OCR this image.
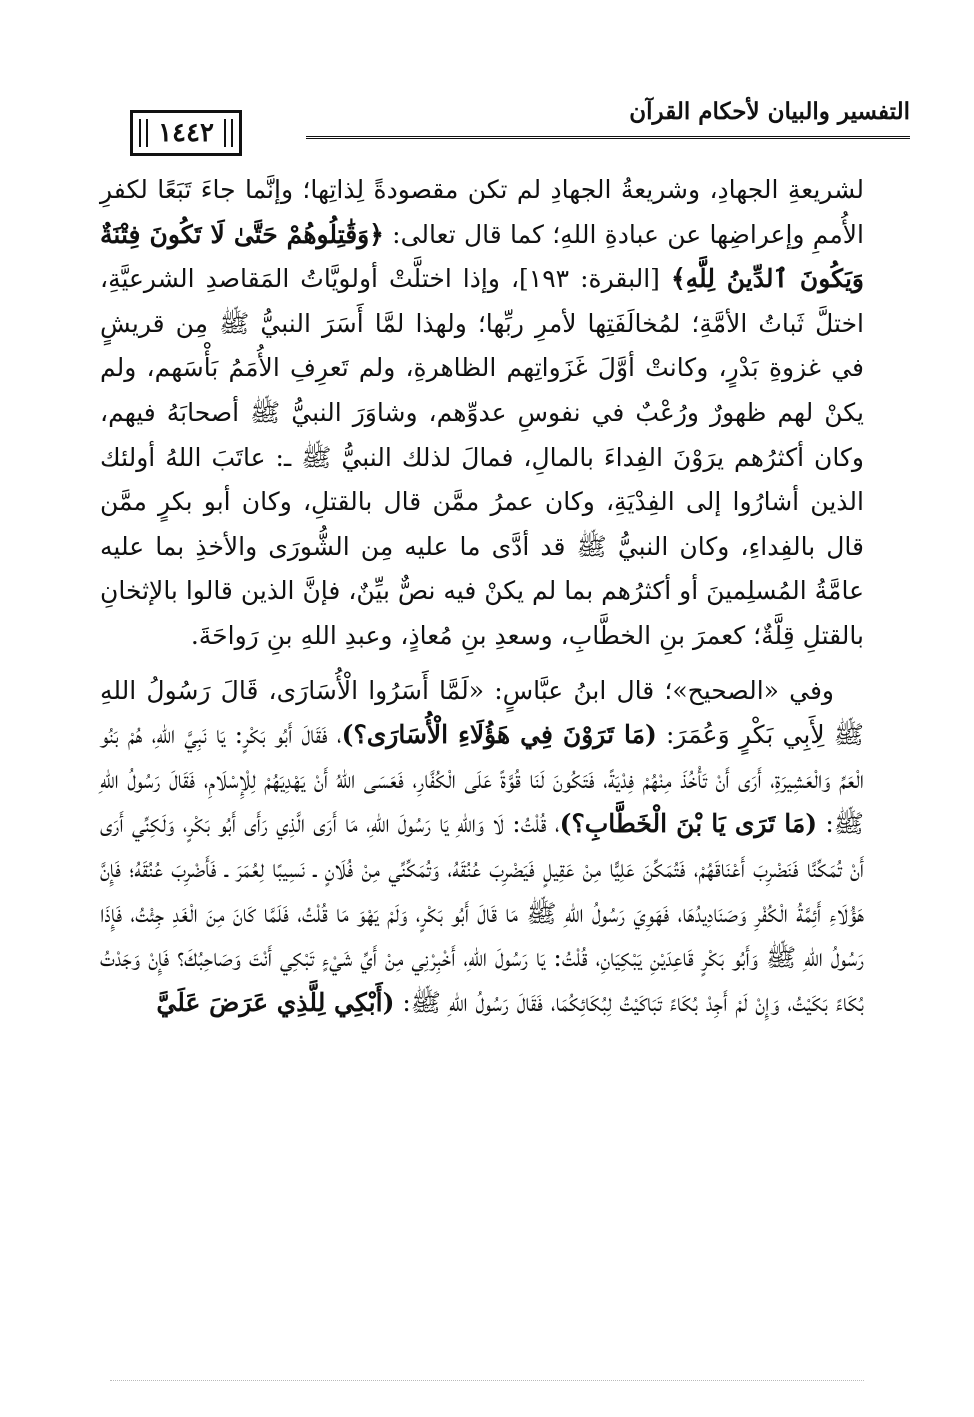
التفسير والبيان لأحكام القرآن
١٤٤٢

لشريعةِ الجهادِ، وشريعةُ الجهادِ لم تكن مقصودةً لِذاتِها؛ وإنَّما جاءَ تَبَعًا لكفرِ الأُممِ وإعراضِها عن عبادةِ اللهِ؛ كما قال تعالى: ﴿وَقَٰتِلُوهُمْ حَتَّىٰ لَا تَكُونَ فِتْنَةٌ وَيَكُونَ ٱلدِّينُ لِلَّهِ﴾ [البقرة: ١٩٣]، وإذا اختلَّتْ أولويَّاتُ المَقاصدِ الشرعيَّةِ، اختلَّ ثَباتُ الأمَّةِ؛ لمُخالَفَتِها لأمرِ ربِّها؛ ولهذا لمَّا أَسَرَ النبيُّ ﷺ مِن قريشٍ في غزوةِ بَدْرٍ، وكانتْ أوَّلَ غَزَواتِهم الظاهرةِ، ولم تَعرِفِ الأُمَمُ بَأْسَهم، ولم يكنْ لهم ظهورٌ ورُعْبٌ في نفوسِ عدوِّهم، وشاوَرَ النبيُّ ﷺ أصحابَهُ فيهم، وكان أكثرُهم يرَوْنَ الفِداءَ بالمالِ، فمالَ لذلك النبيُّ ﷺ ـ: عاتَبَ اللهُ أولئك الذين أشارُوا إلى الفِدْيَةِ، وكان عمرُ ممَّن قال بالقتلِ، وكان أبو بكرٍ ممَّن قال بالفِداءِ، وكان النبيُّ ﷺ قد أدَّى ما عليه مِن الشُّورَى والأخذِ بما عليه عامَّةُ المُسلِمينَ أو أكثرُهم بما لم يكنْ فيه نصٌّ بيِّنٌ، فإنَّ الذين قالوا بالإثخانِ بالقتلِ قِلَّةٌ؛ كعمرَ بنِ الخطَّابِ، وسعدِ بنِ مُعاذٍ، وعبدِ اللهِ بنِ رَواحَةَ.

وفي «الصحيح»؛ قال ابنُ عبَّاسٍ: «لَمَّا أَسَرُوا الْأُسَارَى، قَالَ رَسُولُ اللهِ ﷺ لِأَبِي بَكْرٍ وَعُمَرَ: (مَا تَرَوْنَ فِي هَؤُلَاءِ الْأُسَارَى؟)، فَقَالَ أَبُو بَكْرٍ: يَا نَبِيَّ اللهِ، هُمْ بَنُو الْعَمِّ وَالْعَشِيرَةِ، أَرَى أَنْ تَأْخُذَ مِنْهُمْ فِدْيَةً، فَتَكُونَ لَنَا قُوَّةً عَلَى الْكُفَّارِ، فَعَسَى اللهُ أَنْ يَهْدِيَهُمْ لِلْإِسْلَامِ، فَقَالَ رَسُولُ اللهِ ﷺ: (مَا تَرَى يَا بْنَ الْخَطَّابِ؟)، قُلْتُ: لَا وَاللهِ يَا رَسُولَ اللهِ، مَا أَرَى الَّذِي رَأَى أَبُو بَكْرٍ، وَلَكِنِّي أَرَى أَنْ تُمَكِّنَّا فَنَضْرِبَ أَعْنَاقَهُمْ، فَتُمَكِّنَ عَلِيًّا مِنْ عَقِيلٍ فَيَضْرِبَ عُنُقَهُ، وَتُمَكِّنِّي مِنْ فُلَانٍ ـ نَسِيبًا لِعُمَرَ ـ فَأَضْرِبَ عُنُقَهُ؛ فَإِنَّ هَؤُلَاءِ أَئِمَّةُ الْكُفْرِ وَصَنَادِيدُهَا، فَهَوِيَ رَسُولُ اللهِ ﷺ مَا قَالَ أَبُو بَكْرٍ، وَلَمْ يَهْوَ مَا قُلْتُ، فَلَمَّا كَانَ مِنَ الْغَدِ جِئْتُ، فَإِذَا رَسُولُ اللهِ ﷺ وَأَبُو بَكْرٍ قَاعِدَيْنِ يَبْكِيَانِ، قُلْتُ: يَا رَسُولَ اللهِ، أَخْبِرْنِي مِنْ أَيِّ شَيْءٍ تَبْكِي أَنْتَ وَصَاحِبُكَ؟ فَإِنْ وَجَدْتُ بُكَاءً بَكَيْتُ، وَإِنْ لَمْ أَجِدْ بُكَاءً تَبَاكَيْتُ لِبُكَائِكُمَا، فَقَالَ رَسُولُ اللهِ ﷺ: (أَبْكِي لِلَّذِي عَرَضَ عَلَيَّ
